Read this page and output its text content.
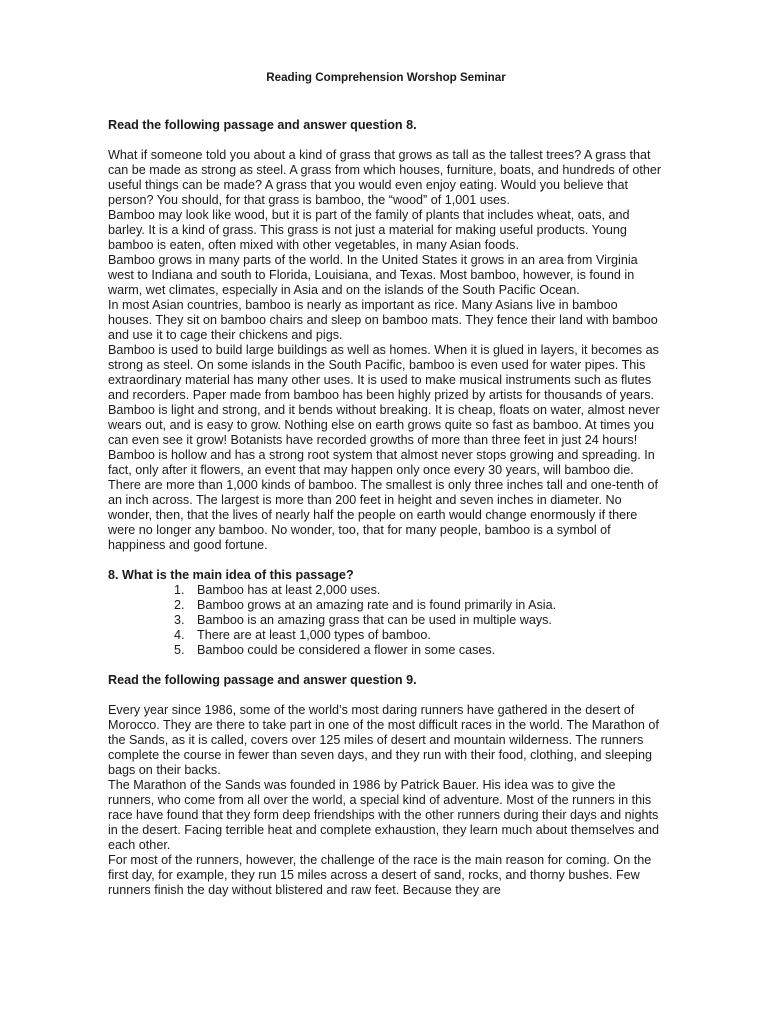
Reading Comprehension Worshop Seminar
Read the following passage and answer question 8.

What if someone told you about a kind of grass that grows as tall as the tallest trees? A grass that can be made as strong as steel. A grass from which houses, furniture, boats, and hundreds of other useful things can be made? A grass that you would even enjoy eating. Would you believe that person? You should, for that grass is bamboo, the “wood” of 1,001 uses.

Bamboo may look like wood, but it is part of the family of plants that includes wheat, oats, and barley. It is a kind of grass. This grass is not just a material for making useful products. Young bamboo is eaten, often mixed with other vegetables, in many Asian foods.

Bamboo grows in many parts of the world. In the United States it grows in an area from Virginia west to Indiana and south to Florida, Louisiana, and Texas. Most bamboo, however, is found in warm, wet climates, especially in Asia and on the islands of the South Pacific Ocean.

In most Asian countries, bamboo is nearly as important as rice. Many Asians live in bamboo houses. They sit on bamboo chairs and sleep on bamboo mats. They fence their land with bamboo and use it to cage their chickens and pigs.

Bamboo is used to build large buildings as well as homes. When it is glued in layers, it becomes as strong as steel. On some islands in the South Pacific, bamboo is even used for water pipes. This extraordinary material has many other uses. It is used to make musical instruments such as flutes and recorders. Paper made from bamboo has been highly prized by artists for thousands of years.

Bamboo is light and strong, and it bends without breaking. It is cheap, floats on water, almost never wears out, and is easy to grow. Nothing else on earth grows quite so fast as bamboo. At times you can even see it grow! Botanists have recorded growths of more than three feet in just 24 hours! Bamboo is hollow and has a strong root system that almost never stops growing and spreading. In fact, only after it flowers, an event that may happen only once every 30 years, will bamboo die.

There are more than 1,000 kinds of bamboo. The smallest is only three inches tall and one-tenth of an inch across. The largest is more than 200 feet in height and seven inches in diameter. No wonder, then, that the lives of nearly half the people on earth would change enormously if there were no longer any bamboo. No wonder, too, that for many people, bamboo is a symbol of happiness and good fortune.

8. What is the main idea of this passage?
1. Bamboo has at least 2,000 uses.
2. Bamboo grows at an amazing rate and is found primarily in Asia.
3. Bamboo is an amazing grass that can be used in multiple ways.
4. There are at least 1,000 types of bamboo.
5. Bamboo could be considered a flower in some cases.
Read the following passage and answer question 9.

Every year since 1986, some of the world’s most daring runners have gathered in the desert of Morocco. They are there to take part in one of the most difficult races in the world. The Marathon of the Sands, as it is called, covers over 125 miles of desert and mountain wilderness. The runners complete the course in fewer than seven days, and they run with their food, clothing, and sleeping bags on their backs.

The Marathon of the Sands was founded in 1986 by Patrick Bauer. His idea was to give the runners, who come from all over the world, a special kind of adventure. Most of the runners in this race have found that they form deep friendships with the other runners during their days and nights in the desert. Facing terrible heat and complete exhaustion, they learn much about themselves and each other.

For most of the runners, however, the challenge of the race is the main reason for coming. On the first day, for example, they run 15 miles across a desert of sand, rocks, and thorny bushes. Few runners finish the day without blistered and raw feet. Because they are
